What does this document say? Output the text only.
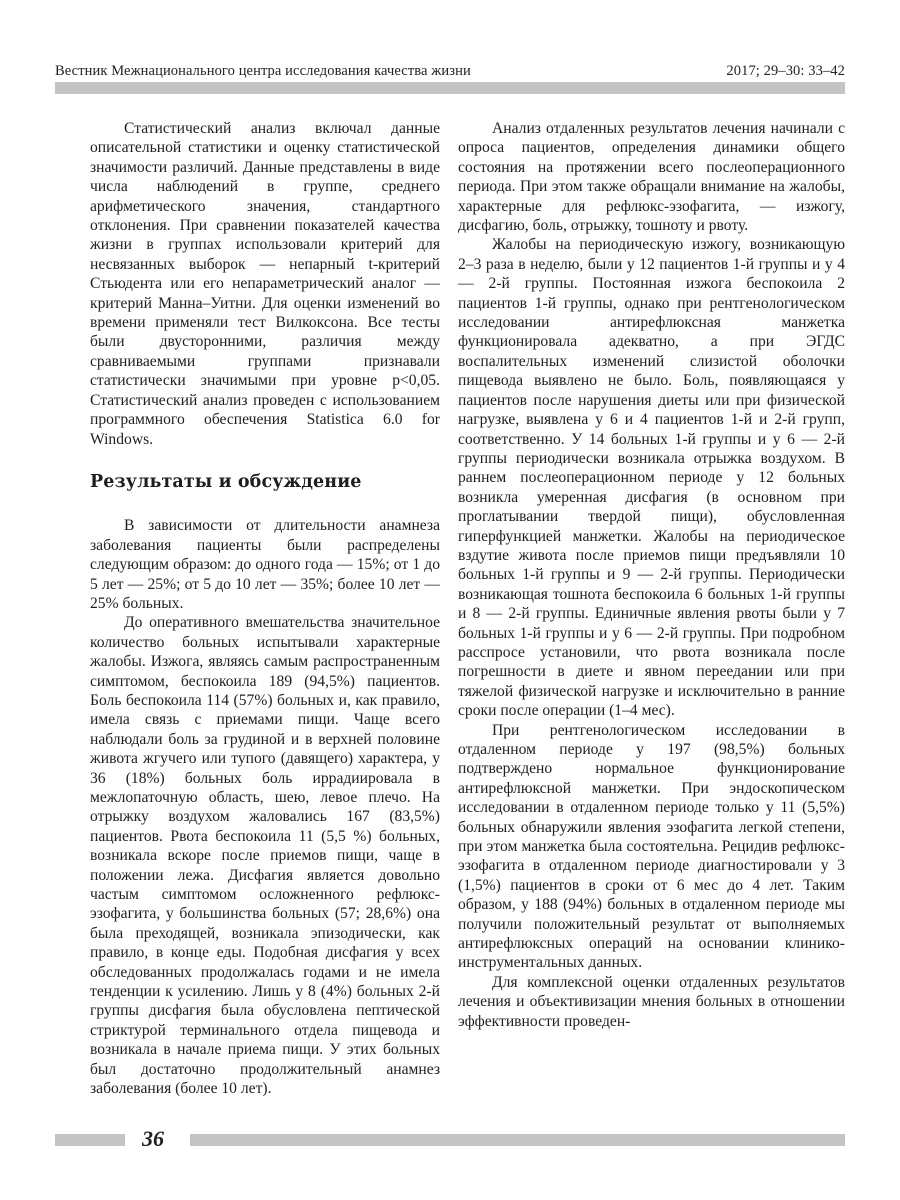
Вестник Межнационального центра исследования качества жизни	2017; 29–30: 33–42

Статистический анализ включал данные описательной статистики и оценку статистической значимости различий. Данные представлены в виде числа наблюдений в группе, среднего арифметического значения, стандартного отклонения. При сравнении показателей качества жизни в группах использовали критерий для несвязанных выборок — непарный t-критерий Стьюдента или его непараметрический аналог — критерий Манна–Уитни. Для оценки изменений во времени применяли тест Вилкоксона. Все тесты были двусторонними, различия между сравниваемыми группами признавали статистически значимыми при уровне p<0,05. Статистический анализ проведен с использованием программного обеспечения Statistica 6.0 for Windows.

Результаты и обсуждение

В зависимости от длительности анамнеза заболевания пациенты были распределены следующим образом: до одного года — 15%; от 1 до 5 лет — 25%; от 5 до 10 лет — 35%; более 10 лет — 25% больных.

До оперативного вмешательства значительное количество больных испытывали характерные жалобы. Изжога, являясь самым распространенным симптомом, беспокоила 189 (94,5%) пациентов. Боль беспокоила 114 (57%) больных и, как правило, имела связь с приемами пищи. Чаще всего наблюдали боль за грудиной и в верхней половине живота жгучего или тупого (давящего) характера, у 36 (18%) больных боль иррадиировала в межлопаточную область, шею, левое плечо. На отрыжку воздухом жаловались 167 (83,5%) пациентов. Рвота беспокоила 11 (5,5 %) больных, возникала вскоре после приемов пищи, чаще в положении лежа. Дисфагия является довольно частым симптомом осложненного рефлюкс-эзофагита, у большинства больных (57; 28,6%) она была преходящей, возникала эпизодически, как правило, в конце еды. Подобная дисфагия у всех обследованных продолжалась годами и не имела тенденции к усилению. Лишь у 8 (4%) больных 2-й группы дисфагия была обусловлена пептической стриктурой терминального отдела пищевода и возникала в начале приема пищи. У этих больных был достаточно продолжительный анамнез заболевания (более 10 лет).

Анализ отдаленных результатов лечения начинали с опроса пациентов, определения динамики общего состояния на протяжении всего послеоперационного периода. При этом также обращали внимание на жалобы, характерные для рефлюкс-эзофагита, — изжогу, дисфагию, боль, отрыжку, тошноту и рвоту.

Жалобы на периодическую изжогу, возникающую 2–3 раза в неделю, были у 12 пациентов 1-й группы и у 4 — 2-й группы. Постоянная изжога беспокоила 2 пациентов 1-й группы, однако при рентгенологическом исследовании антирефлюксная манжетка функционировала адекватно, а при ЭГДС воспалительных изменений слизистой оболочки пищевода выявлено не было. Боль, появляющаяся у пациентов после нарушения диеты или при физической нагрузке, выявлена у 6 и 4 пациентов 1-й и 2-й групп, соответственно. У 14 больных 1-й группы и у 6 — 2-й группы периодически возникала отрыжка воздухом. В раннем послеоперационном периоде у 12 больных возникла умеренная дисфагия (в основном при проглатывании твердой пищи), обусловленная гиперфункцией манжетки. Жалобы на периодическое вздутие живота после приемов пищи предъявляли 10 больных 1-й группы и 9 — 2-й группы. Периодически возникающая тошнота беспокоила 6 больных 1-й группы и 8 — 2-й группы. Единичные явления рвоты были у 7 больных 1-й группы и у 6 — 2-й группы. При подробном расспросе установили, что рвота возникала после погрешности в диете и явном переедании или при тяжелой физической нагрузке и исключительно в ранние сроки после операции (1–4 мес).

При рентгенологическом исследовании в отдаленном периоде у 197 (98,5%) больных подтверждено нормальное функционирование антирефлюксной манжетки. При эндоскопическом исследовании в отдаленном периоде только у 11 (5,5%) больных обнаружили явления эзофагита легкой степени, при этом манжетка была состоятельна. Рецидив рефлюкс-эзофагита в отдаленном периоде диагностировали у 3 (1,5%) пациентов в сроки от 6 мес до 4 лет. Таким образом, у 188 (94%) больных в отдаленном периоде мы получили положительный результат от выполняемых антирефлюксных операций на основании клинико-инструментальных данных.

Для комплексной оценки отдаленных результатов лечения и объективизации мнения больных в отношении эффективности проведен-

36
